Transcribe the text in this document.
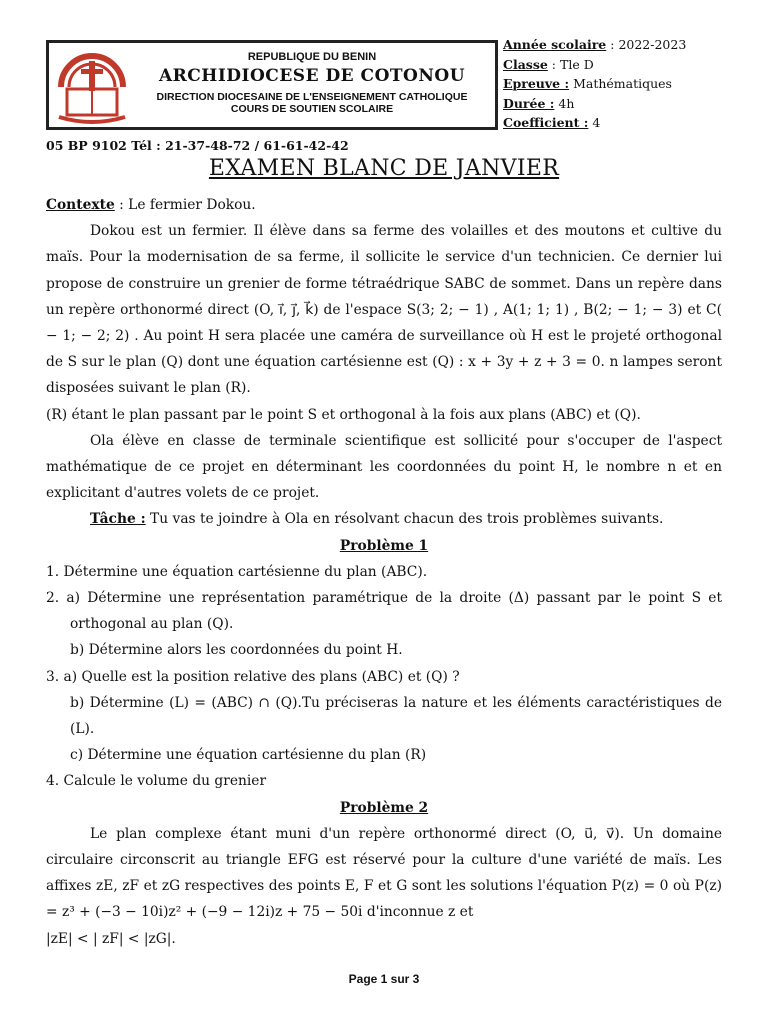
REPUBLIQUE DU BENIN
ARCHIDIOCESE DE COTONOU
DIRECTION DIOCESAINE DE L'ENSEIGNEMENT CATHOLIQUE
COURS DE SOUTIEN SCOLAIRE
Année scolaire : 2022-2023
Classe : Tle D
Epreuve : Mathématiques
Durée : 4h
Coefficient : 4
05 BP 9102 Tél : 21-37-48-72 / 61-61-42-42
EXAMEN BLANC DE JANVIER

Contexte : Le fermier Dokou.

Dokou est un fermier. Il élève dans sa ferme des volailles et des moutons et cultive du maïs. Pour la modernisation de sa ferme, il sollicite le service d'un technicien. Ce dernier lui propose de construire un grenier de forme tétraédrique SABC de sommet. Dans un repère dans un repère orthonormé direct (O, i⃗, j⃗, k⃗) de l'espace S(3; 2; − 1) , A(1; 1; 1) , B(2; − 1; − 3) et C( − 1; − 2; 2) . Au point H sera placée une caméra de surveillance où H est le projeté orthogonal de S sur le plan (Q) dont une équation cartésienne est (Q) : x + 3y + z + 3 = 0. n lampes seront disposées suivant le plan (R).

(R) étant le plan passant par le point S et orthogonal à la fois aux plans (ABC) et (Q).

Ola élève en classe de terminale scientifique est sollicité pour s'occuper de l'aspect mathématique de ce projet en déterminant les coordonnées du point H, le nombre n et en explicitant d'autres volets de ce projet.

Tâche : Tu vas te joindre à Ola en résolvant chacun des trois problèmes suivants.

Problème 1

1. Détermine une équation cartésienne du plan (ABC).

2. a) Détermine une représentation paramétrique de la droite (Δ) passant par le point S et orthogonal au plan (Q).

b) Détermine alors les coordonnées du point H.

3. a) Quelle est la position relative des plans (ABC) et (Q) ?

b) Détermine (L) = (ABC) ∩ (Q).Tu préciseras la nature et les éléments caractéristiques de (L).

c) Détermine une équation cartésienne du plan (R)

4. Calcule le volume du grenier

Problème 2

Le plan complexe étant muni d'un repère orthonormé direct (O, u⃗, v⃗). Un domaine circulaire circonscrit au triangle EFG est réservé pour la culture d'une variété de maïs. Les affixes zE, zF et zG respectives des points E, F et G sont les solutions l'équation P(z) = 0 où P(z) = z³ + (−3 − 10i)z² + (−9 − 12i)z + 75 − 50i d'inconnue z et

|zE| < | zF| < |zG|.

Page 1 sur 3
